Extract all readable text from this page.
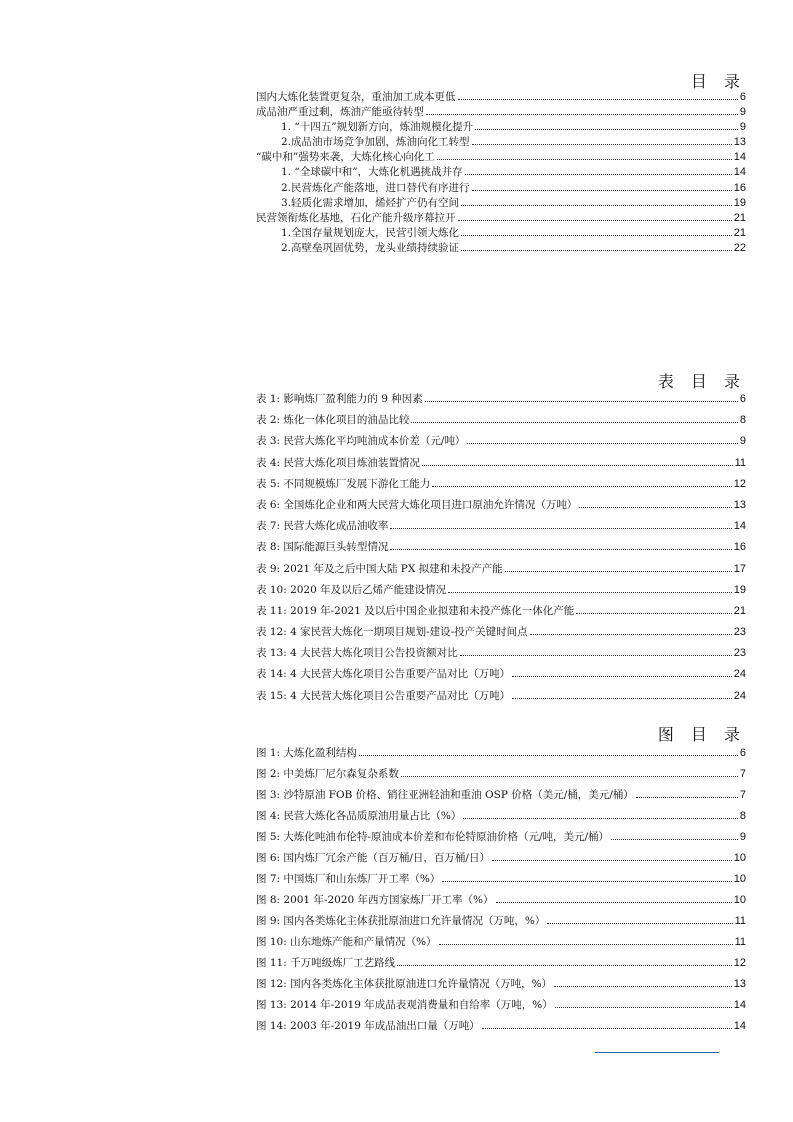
目 录
国内大炼化装置更复杂，重油加工成本更低	6
成品油严重过剩，炼油产能亟待转型	9
1. “十四五”规划新方向，炼油规模化提升	9
2.成品油市场竞争加剧，炼油向化工转型	13
“碳中和”强势来袭，大炼化核心向化工	14
1. “全球碳中和”，大炼化机遇挑战并存	14
2.民营炼化产能落地，进口替代有序进行	16
3.轻质化需求增加，烯烃扩产仍有空间	19
民营领衔炼化基地，石化产能升级序幕拉开	21
1.全国存量规划庞大，民营引领大炼化	21
2.高壁垒巩固优势，龙头业绩持续验证	22
表 目 录
表 1: 影响炼厂盈利能力的 9 种因素	6
表 2: 炼化一体化项目的油品比较	8
表 3: 民营大炼化平均吨油成本价差（元/吨）	9
表 4: 民营大炼化项目炼油装置情况	11
表 5: 不同规模炼厂发展下游化工能力	12
表 6: 全国炼化企业和两大民营大炼化项目进口原油允许情况（万吨）	13
表 7: 民营大炼化成品油收率	14
表 8: 国际能源巨头转型情况	16
表 9: 2021 年及之后中国大陆 PX 拟建和未投产产能	17
表 10: 2020 年及以后乙烯产能建设情况	19
表 11: 2019 年-2021 及以后中国企业拟建和未投产炼化一体化产能	21
表 12: 4 家民营大炼化一期项目规划-建设-投产关键时间点	23
表 13: 4 大民营大炼化项目公告投资额对比	23
表 14: 4 大民营大炼化项目公告重要产品对比（万吨）	24
表 15: 4 大民营大炼化项目公告重要产品对比（万吨）	24
图 目 录
图 1: 大炼化盈利结构	6
图 2: 中美炼厂尼尔森复杂系数	7
图 3: 沙特原油 FOB 价格、销往亚洲轻油和重油 OSP 价格（美元/桶，美元/桶）	7
图 4: 民营大炼化各品质原油用量占比（%）	8
图 5: 大炼化吨油布伦特-原油成本价差和布伦特原油价格（元/吨，美元/桶）	9
图 6: 国内炼厂冗余产能（百万桶/日，百万桶/日）	10
图 7: 中国炼厂和山东炼厂开工率（%）	10
图 8: 2001 年-2020 年西方国家炼厂开工率（%）	10
图 9: 国内各类炼化主体获批原油进口允许量情况（万吨，%）	11
图 10: 山东地炼产能和产量情况（%）	11
图 11: 千万吨级炼厂工艺路线	12
图 12: 国内各类炼化主体获批原油进口允许量情况（万吨，%）	13
图 13: 2014 年-2019 年成品表观消费量和自给率（万吨，%）	14
图 14: 2003 年-2019 年成品油出口量（万吨）	14
